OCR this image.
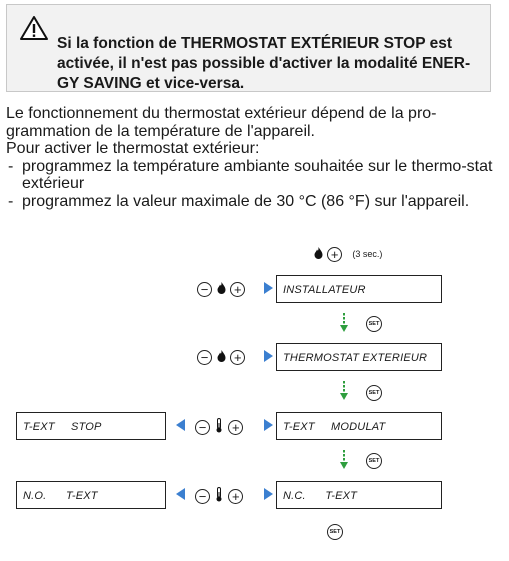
Si la fonction de THERMOSTAT EXTÉRIEUR STOP est activée, il n'est pas possible d'activer la modalité ENER-GY SAVING et vice-versa.

Le fonctionnement du thermostat extérieur dépend de la pro-grammation de la température de l'appareil.

Pour activer le thermostat extérieur:

- programmez la température ambiante souhaitée sur le thermo-stat extérieur
- programmez la valeur maximale de 30 °C (86 °F) sur l'appareil.
+ (3 sec.)
− +	INSTALLATEUR
SET
− +	THERMOSTAT EXTERIEUR
SET
T-EXT     STOP	− +	T-EXT     MODULAT
SET
N.O.      T-EXT	− +	N.C.      T-EXT
SET
